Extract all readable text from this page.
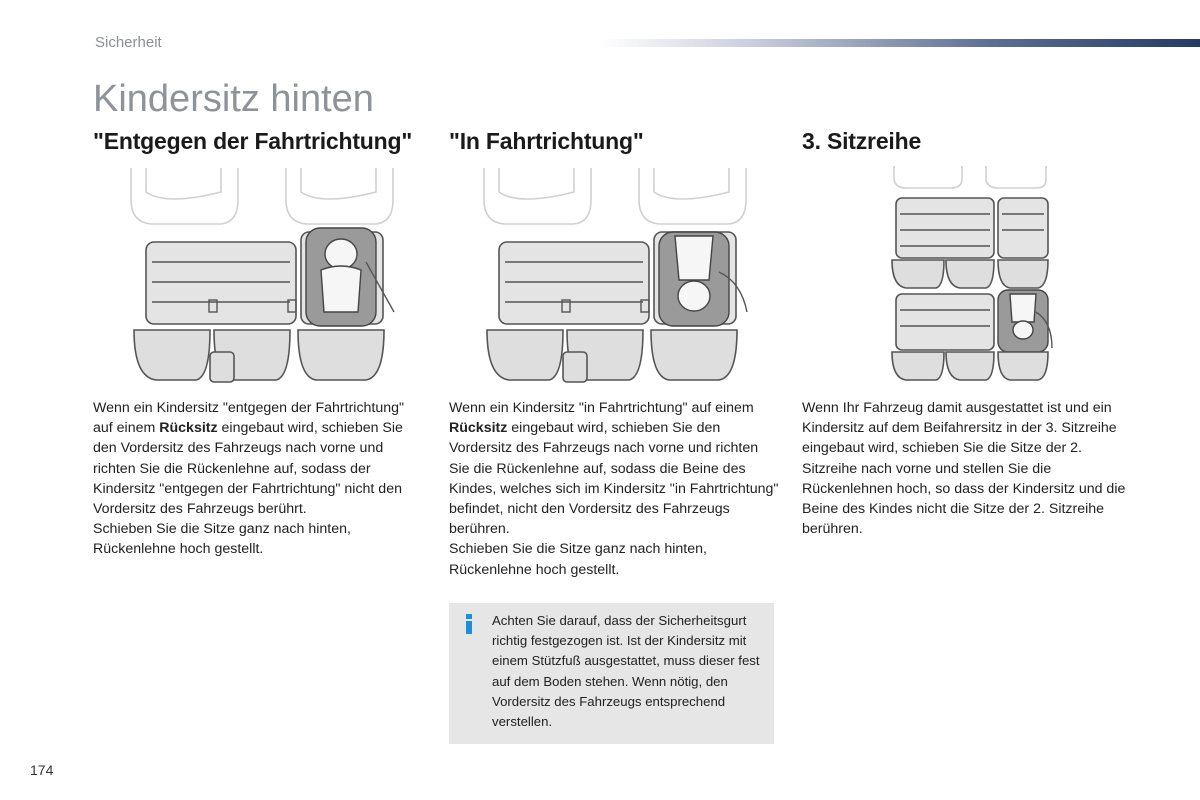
Sicherheit
Kindersitz hinten
"Entgegen der Fahrtrichtung"

Wenn ein Kindersitz "entgegen der Fahrtrichtung" auf einem Rücksitz eingebaut wird, schieben Sie den Vordersitz des Fahrzeugs nach vorne und richten Sie die Rückenlehne auf, sodass der Kindersitz "entgegen der Fahrtrichtung" nicht den Vordersitz des Fahrzeugs berührt.

Schieben Sie die Sitze ganz nach hinten, Rückenlehne hoch gestellt.

"In Fahrtrichtung"

Wenn ein Kindersitz "in Fahrtrichtung" auf einem Rücksitz eingebaut wird, schieben Sie den Vordersitz des Fahrzeugs nach vorne und richten Sie die Rückenlehne auf, sodass die Beine des Kindes, welches sich im Kindersitz "in Fahrtrichtung" befindet, nicht den Vordersitz des Fahrzeugs berühren.

Schieben Sie die Sitze ganz nach hinten, Rückenlehne hoch gestellt.

3. Sitzreihe

Wenn Ihr Fahrzeug damit ausgestattet ist und ein Kindersitz auf dem Beifahrersitz in der 3. Sitzreihe eingebaut wird, schieben Sie die Sitze der 2. Sitzreihe nach vorne und stellen Sie die Rückenlehnen hoch, so dass der Kindersitz und die Beine des Kindes nicht die Sitze der 2. Sitzreihe berühren.

Achten Sie darauf, dass der Sicherheitsgurt richtig festgezogen ist. Ist der Kindersitz mit einem Stützfuß ausgestattet, muss dieser fest auf dem Boden stehen. Wenn nötig, den Vordersitz des Fahrzeugs entsprechend verstellen.
174
